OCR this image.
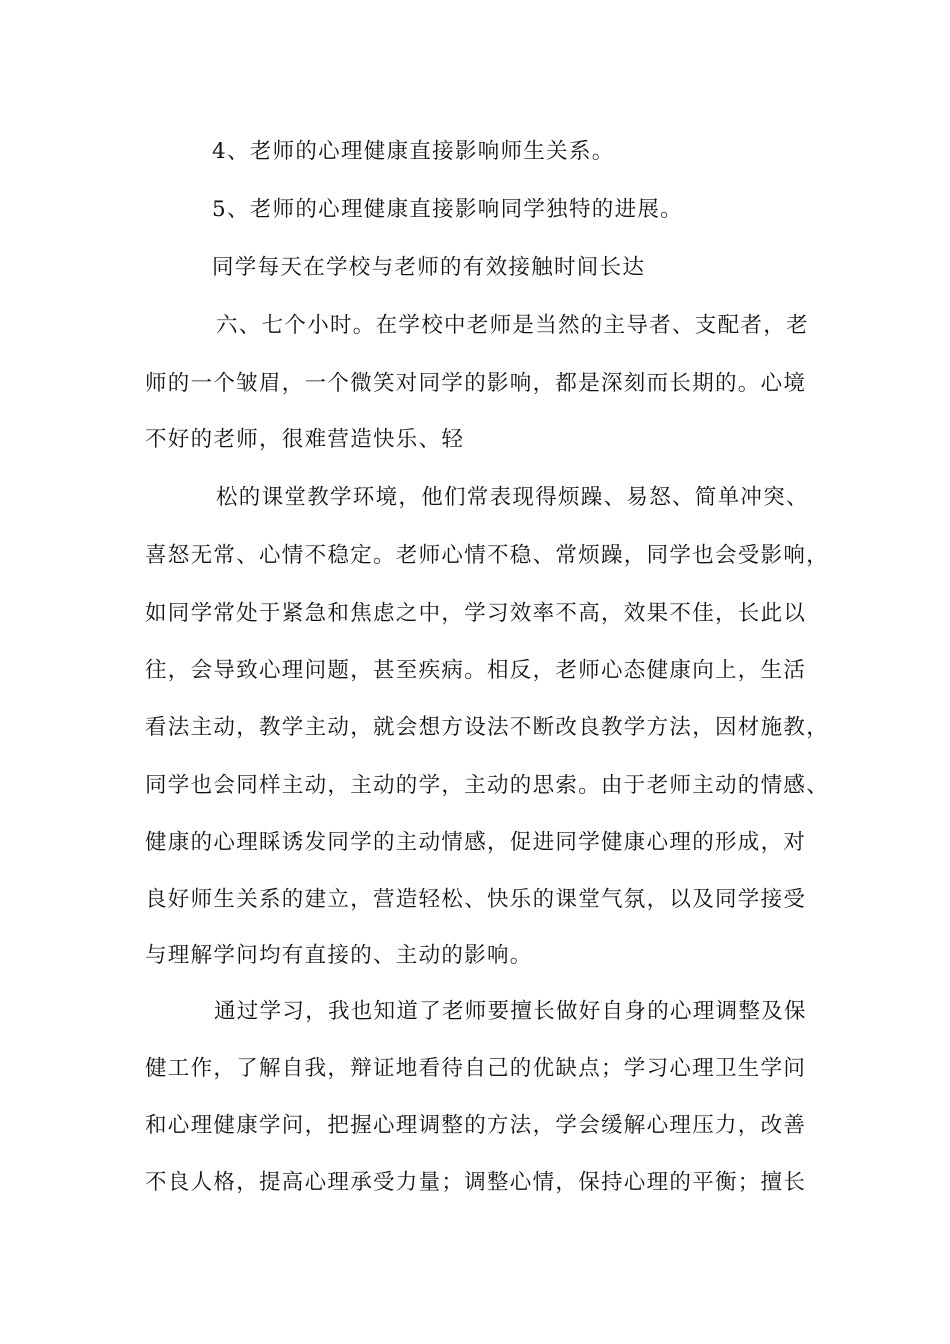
4、老师的心理健康直接影响师生关系。
5、老师的心理健康直接影响同学独特的进展。
同学每天在学校与老师的有效接触时间长达
六、七个小时。在学校中老师是当然的主导者、支配者，老
师的一个皱眉，一个微笑对同学的影响，都是深刻而长期的。心境
不好的老师，很难营造快乐、轻
松的课堂教学环境，他们常表现得烦躁、易怒、简单冲突、
喜怒无常、心情不稳定。老师心情不稳、常烦躁，同学也会受影响，
如同学常处于紧急和焦虑之中，学习效率不高，效果不佳，长此以
往，会导致心理问题，甚至疾病。相反，老师心态健康向上，生活
看法主动，教学主动，就会想方设法不断改良教学方法，因材施教，
同学也会同样主动，主动的学，主动的思索。由于老师主动的情感、
健康的心理睬诱发同学的主动情感，促进同学健康心理的形成，对
良好师生关系的建立，营造轻松、快乐的课堂气氛，以及同学接受
与理解学问均有直接的、主动的影响。
通过学习，我也知道了老师要擅长做好自身的心理调整及保
健工作，了解自我，辩证地看待自己的优缺点；学习心理卫生学问
和心理健康学问，把握心理调整的方法，学会缓解心理压力，改善
不良人格，提高心理承受力量；调整心情，保持心理的平衡；擅长
